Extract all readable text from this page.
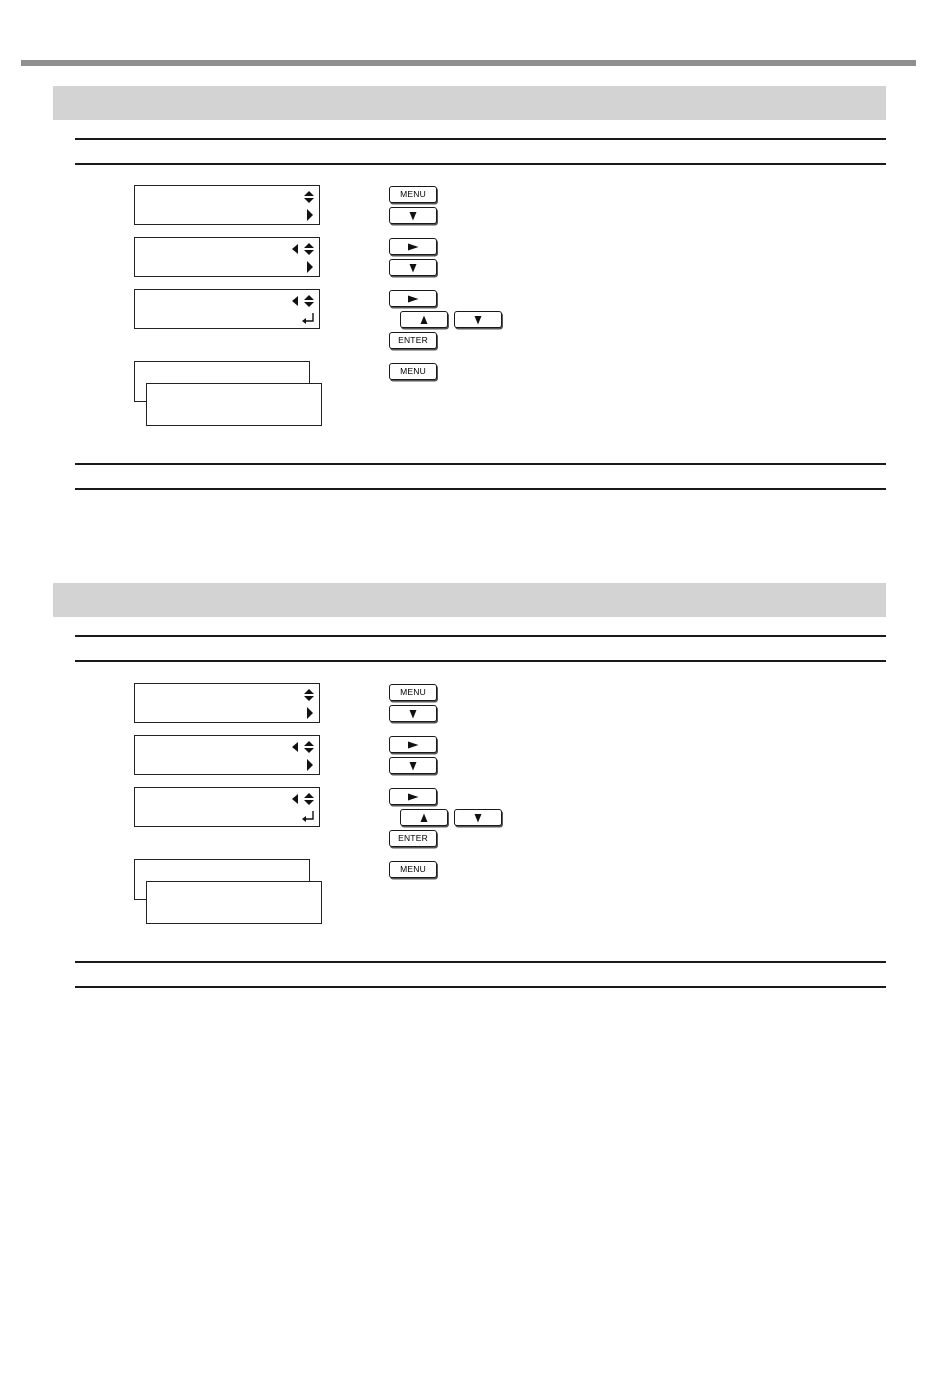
MENU
ENTER
MENU
MENU
ENTER
MENU
